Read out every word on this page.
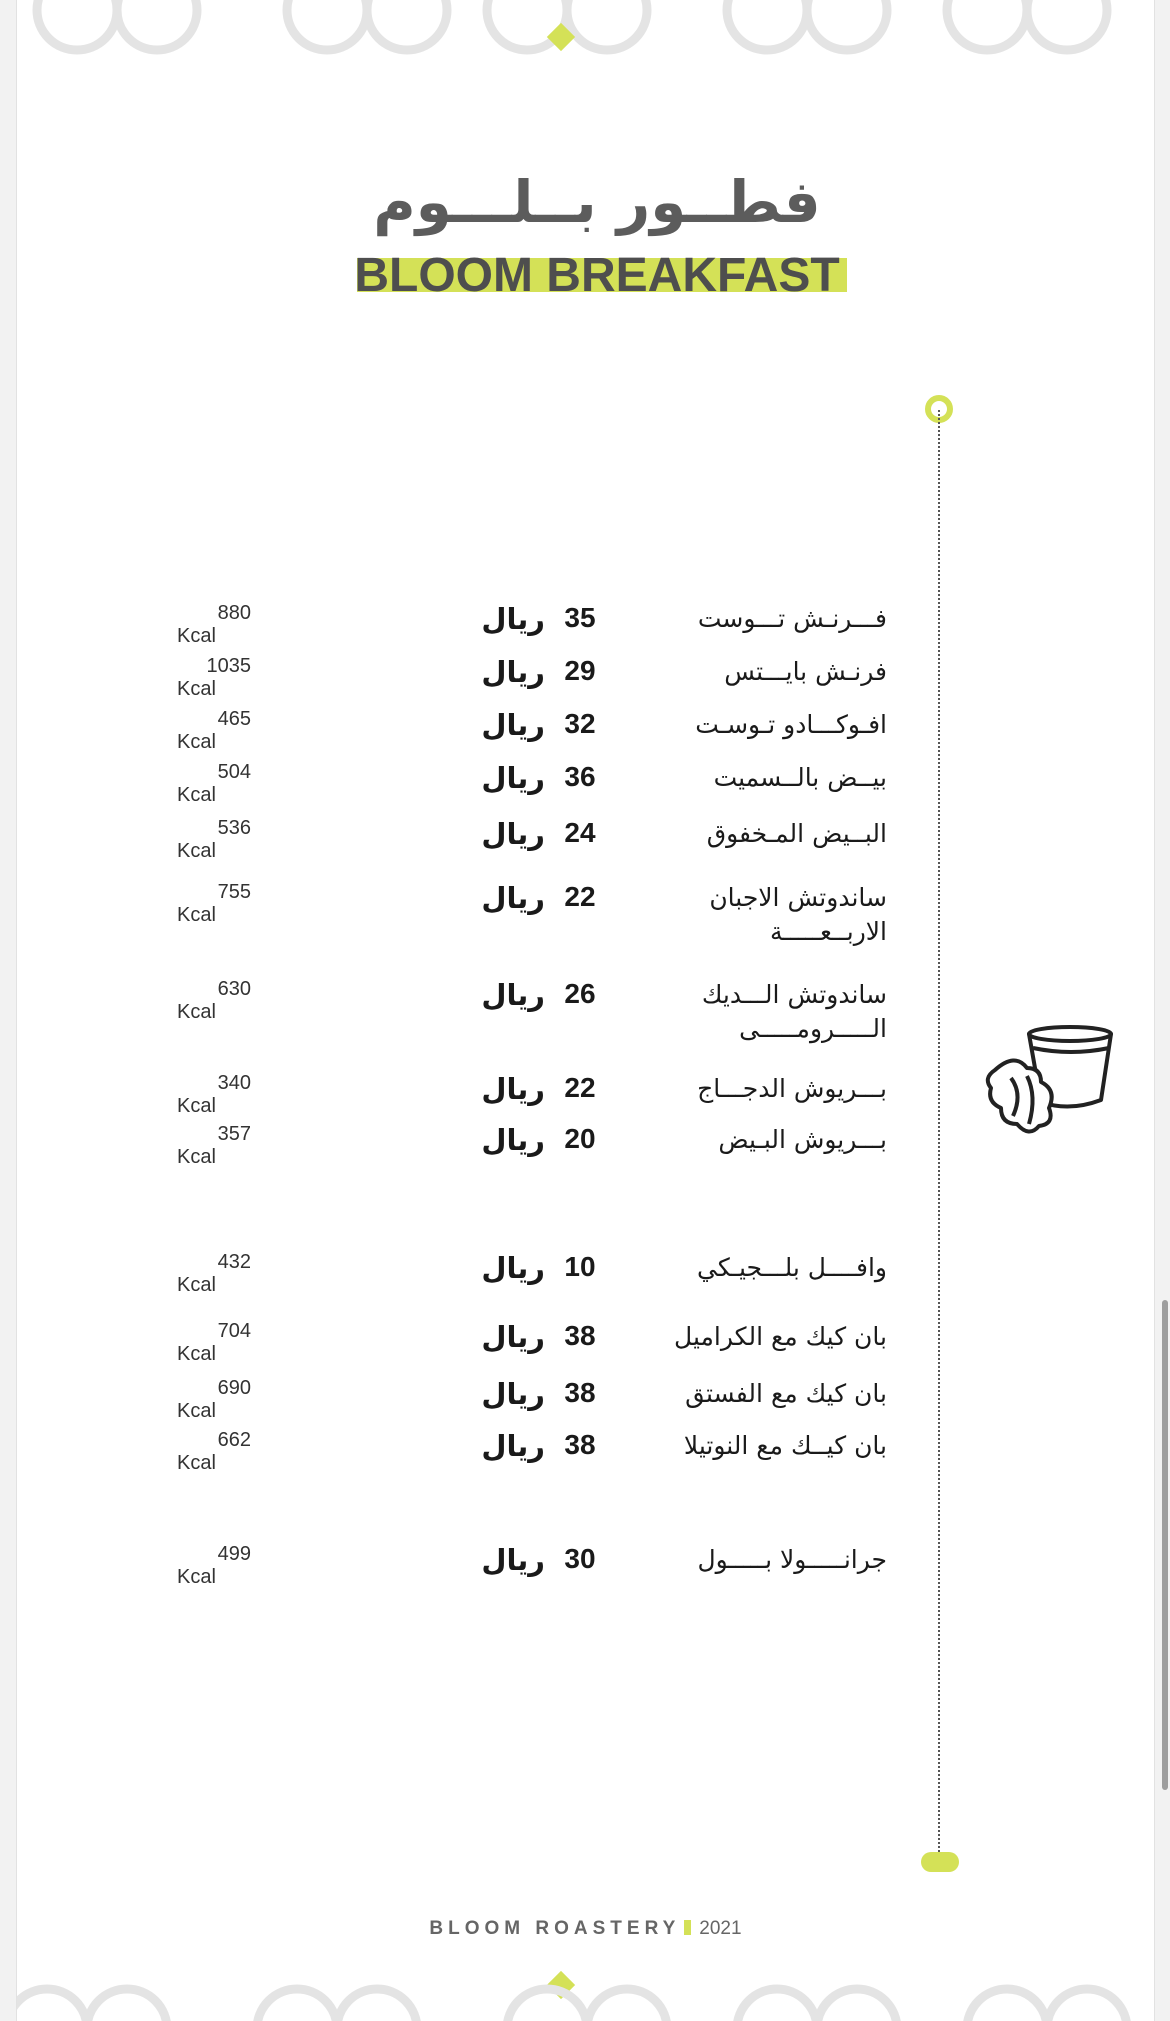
فطــور بــلـــوم
BLOOM BREAKFAST
880Kcal	ريال 35	فـــرنـش تـــوست
1035Kcal	ريال 29	فرنـش بايـــتس
465Kcal	ريال 32	افـوكـــادو تـوسـت
504Kcal	ريال 36	بيــض بالــسميت
536Kcal	ريال 24	البــيض المـخفوق
755Kcal	ريال 22	ساندوتش الاجبان الاربــعـــــة
630Kcal	ريال 26	ساندوتش الـــديك الـــــرومـــــى
340Kcal	ريال 22	بـــريوش الدجـــاج
357Kcal	ريال 20	بـــريوش البـيض
432Kcal	ريال 10	وافــــل بلـــجيـكي
704Kcal	ريال 38	بان كيك مع الكراميل
690Kcal	ريال 38	بان كيك مع الفستق
662Kcal	ريال 38	بان كيــك مع النوتيلا
499Kcal	ريال 30	جرانـــــولا بـــــول
BLOOM ROASTERY 2021
